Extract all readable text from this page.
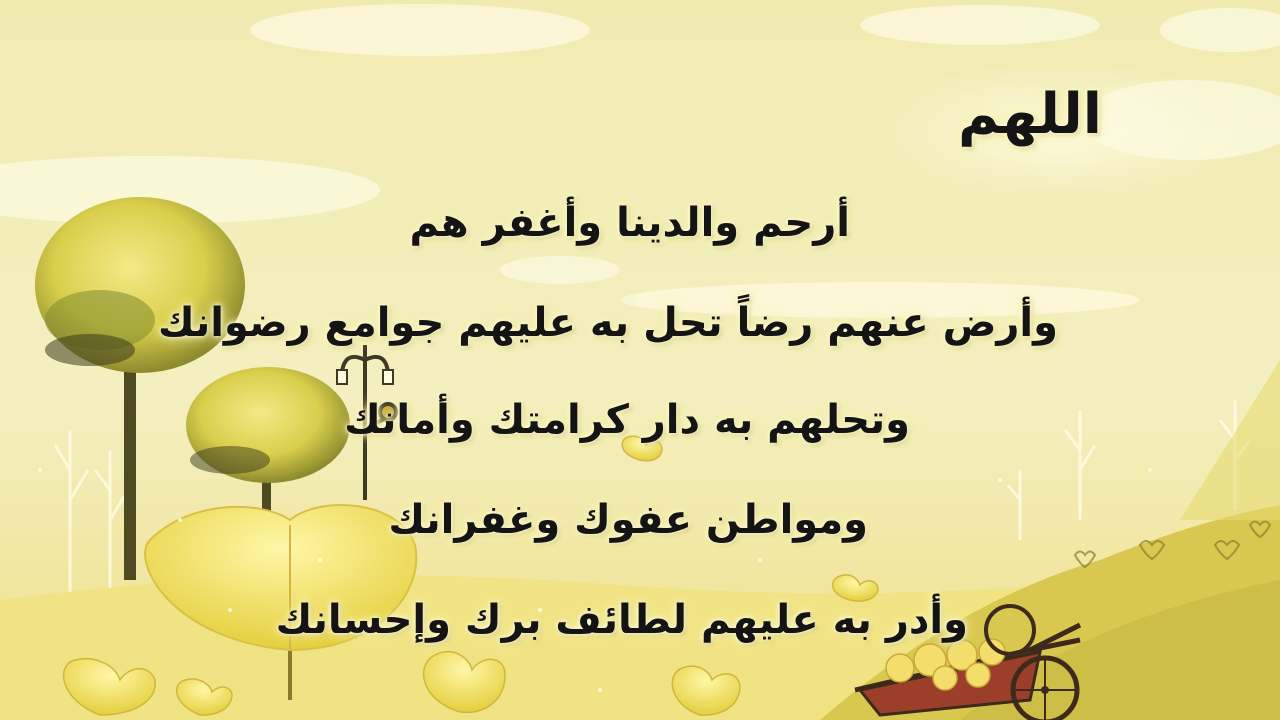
اللهم
أرحم والدينا وأغفر هم
وأرض عنهم رضاً تحل به عليهم جوامع رضوانك
وتحلهم به دار كرامتك وأمانك
ومواطن عفوك وغفرانك
وأدر به عليهم لطائف برك وإحسانك
